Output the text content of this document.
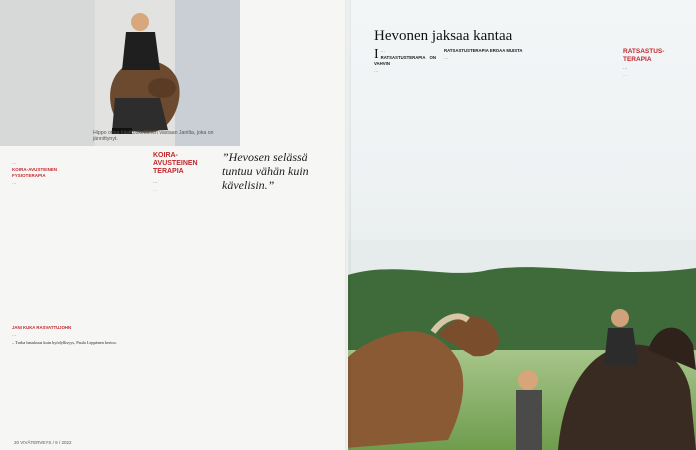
Hippo ottaa käsikoskettimen vastaan Janilta, joka on jännittynyt.

…

KOIRA-AVUSTEINEN FYSIOTERAPIA

…

JANI KUKA RASVATTUJOHN

…

– Turha hauskuus kuin hyödyllisyys, Paula Leppänen kertoo.

KOIRA-AVUSTEINEN TERAPIA
…
…
”Hevosen selässä tuntuu vähän kuin kävelisin.”
20 VIVÄTERVEYS / 9 / 2022
Hevonen jaksaa kantaa

I …

RATSASTUSTERAPIA ON VAHVIN

…

RATSASTUSTERAPIA EROAA MUISTA

…

RATSASTUS-TERAPIA
…
…
…
